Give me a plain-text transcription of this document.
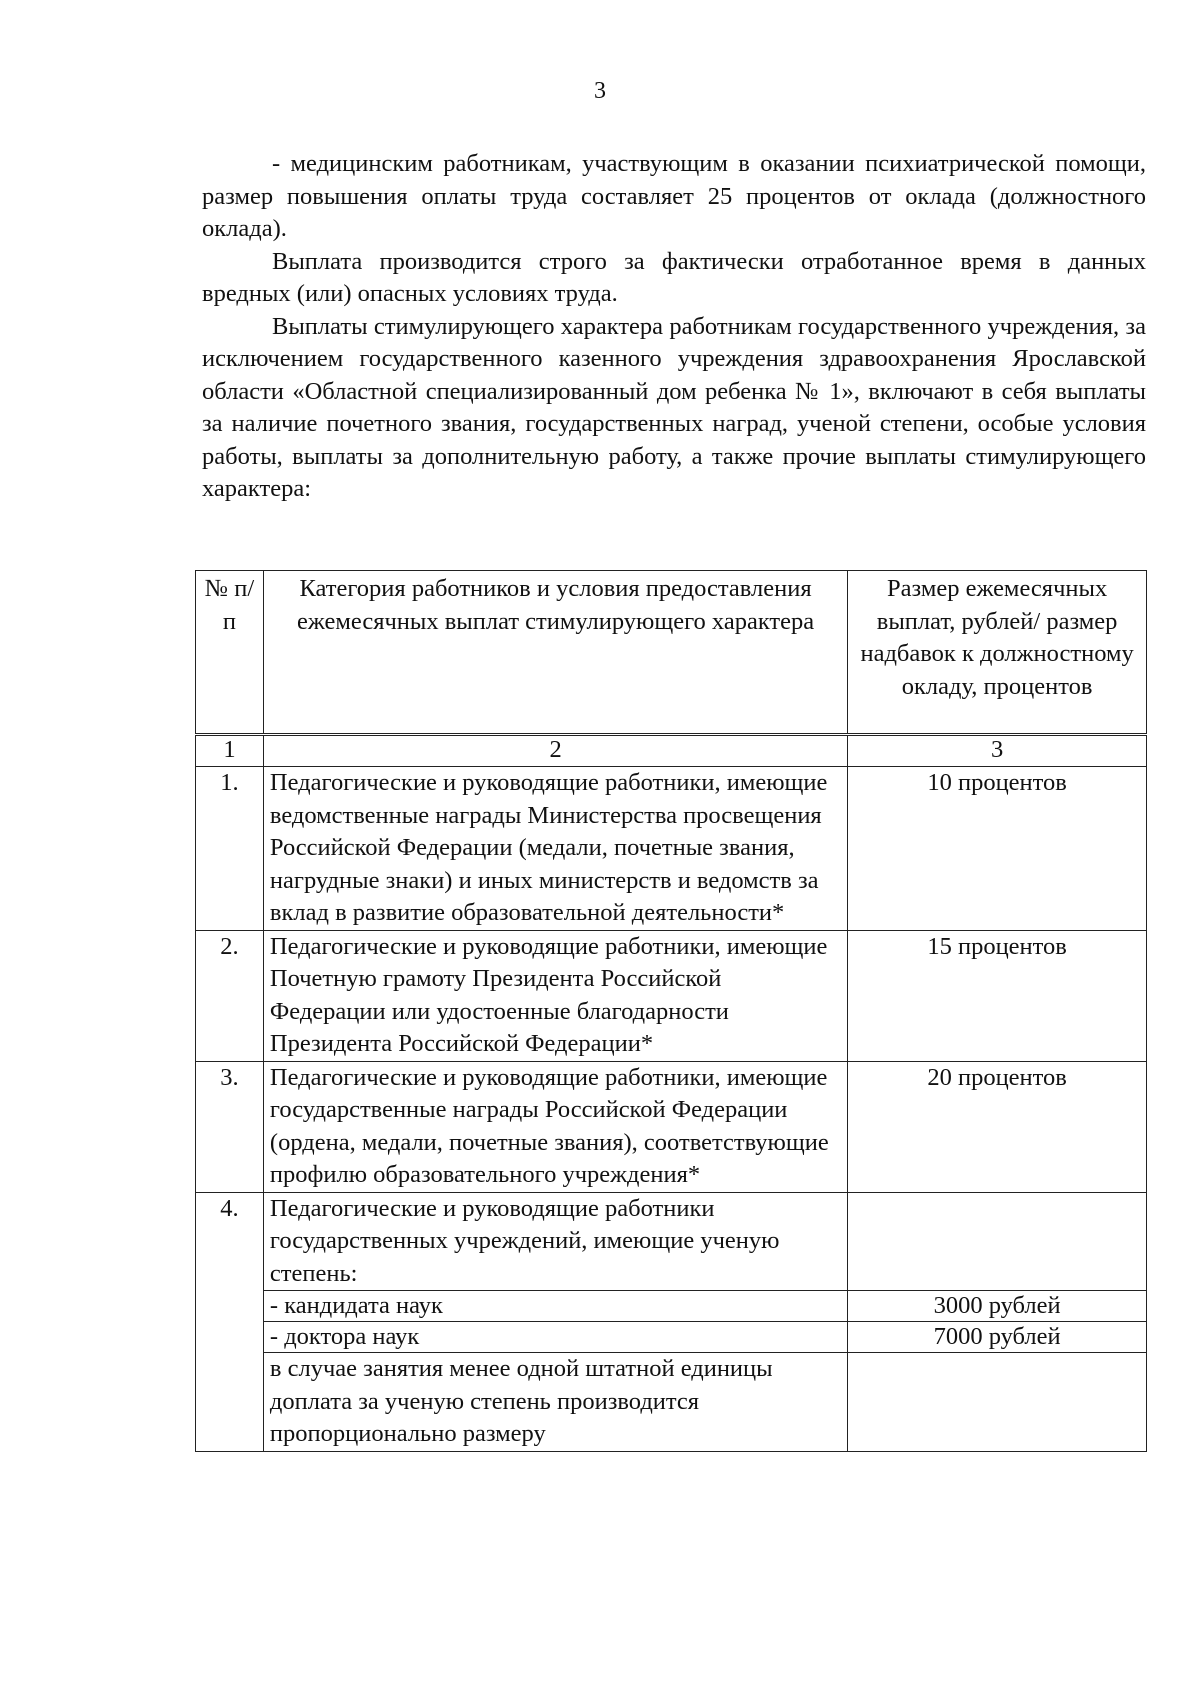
3

- медицинским работникам, участвующим в оказании психиатрической помощи, размер повышения оплаты труда составляет 25 процентов от оклада (должностного оклада).

Выплата производится строго за фактически отработанное время в данных вредных (или) опасных условиях труда.

Выплаты стимулирующего характера работникам государственного учреждения, за исключением государственного казенного учреждения здравоохранения Ярославской области «Областной специализированный дом ребенка № 1», включают в себя выплаты за наличие почетного звания, государственных наград, ученой степени, особые условия работы, выплаты за дополнительную работу, а также прочие выплаты стимулирующего характера:

№ п/п	Категория работников и условия предоставления ежемесячных выплат стимулирующего характера	Размер ежемесячных выплат, рублей/ размер надбавок к должностному окладу, процентов
1	2	3
1.	Педагогические и руководящие работники, имеющие ведомственные награды Министерства просвещения Российской Федерации (медали, почетные звания, нагрудные знаки) и иных министерств и ведомств за вклад в развитие образовательной деятельности*	10 процентов
2.	Педагогические и руководящие работники, имеющие Почетную грамоту Президента Российской Федерации или удостоенные благодарности Президента Российской Федерации*	15 процентов
3.	Педагогические и руководящие работники, имеющие государственные награды Российской Федерации (ордена, медали, почетные звания), соответствующие профилю образовательного учреждения*	20 процентов
4.	Педагогические и руководящие работники государственных учреждений, имеющие ученую степень:	
	- кандидата наук	3000 рублей
	- доктора наук	7000 рублей
	в случае занятия менее одной штатной единицы доплата за ученую степень производится пропорционально размеру	
